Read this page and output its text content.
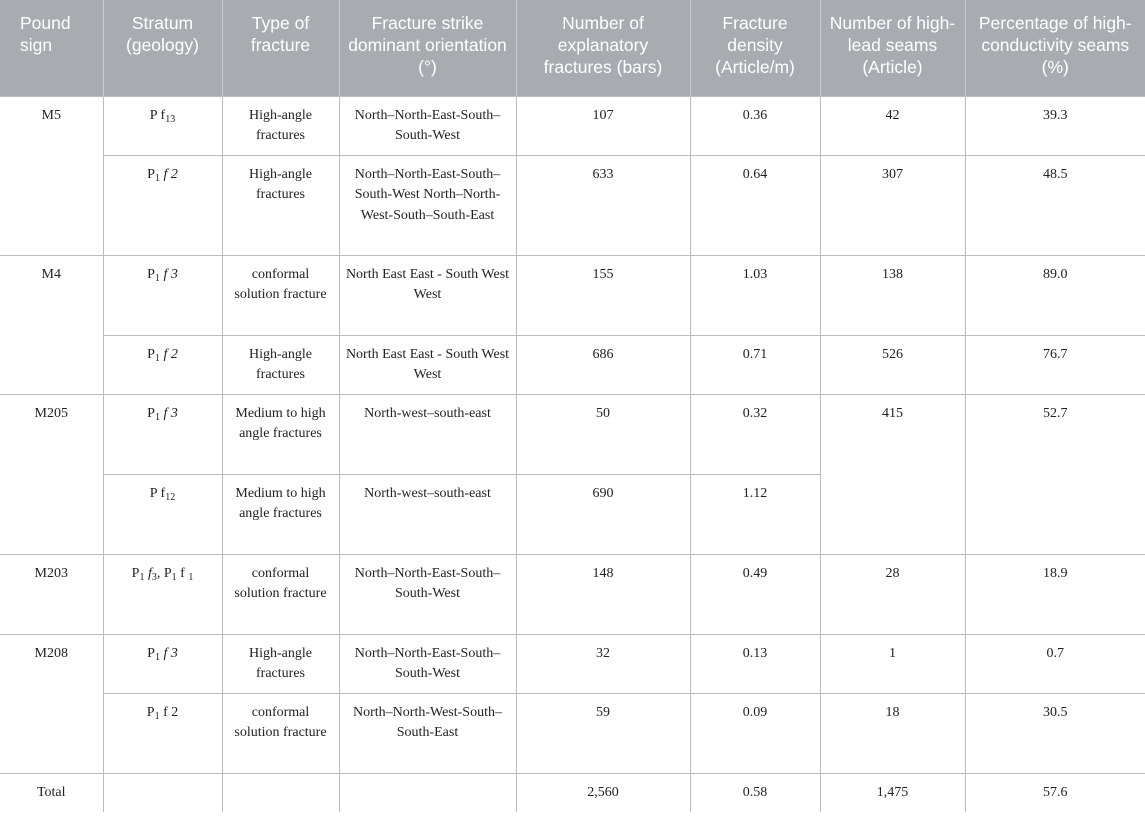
Pound sign	Stratum (geology)	Type of fracture	Fracture strike dominant orientation (°)	Number of explanatory fractures (bars)	Fracture density (Article/m)	Number of high-lead seams (Article)	Percentage of high-conductivity seams (%)
M5	P $f_{13}$	High-angle fractures	North–North-East-South–South-West	107	0.36	42	39.3
	$P_1$ f 2	High-angle fractures	North–North-East-South–South-West North–North-West-South–South-East	633	0.64	307	48.5
M4	$P_1$ f 3	conformal solution fracture	North East East - South West West	155	1.03	138	89.0
	$P_1$ f 2	High-angle fractures	North East East - South West West	686	0.71	526	76.7
M205	$P_1$ f 3	Medium to high angle fractures	North-west–south-east	50	0.32	415	52.7
	P $f_{12}$	Medium to high angle fractures	North-west–south-east	690	1.12		
M203	$P_1$ $f_3$, $P_1$ f $_1$	conformal solution fracture	North–North-East-South–South-West	148	0.49	28	18.9
M208	$P_1$ f 3	High-angle fractures	North–North-East-South–South-West	32	0.13	1	0.7
	$P_1$ f 2	conformal solution fracture	North–North-West-South–South-East	59	0.09	18	30.5
Total				2,560	0.58	1,475	57.6
